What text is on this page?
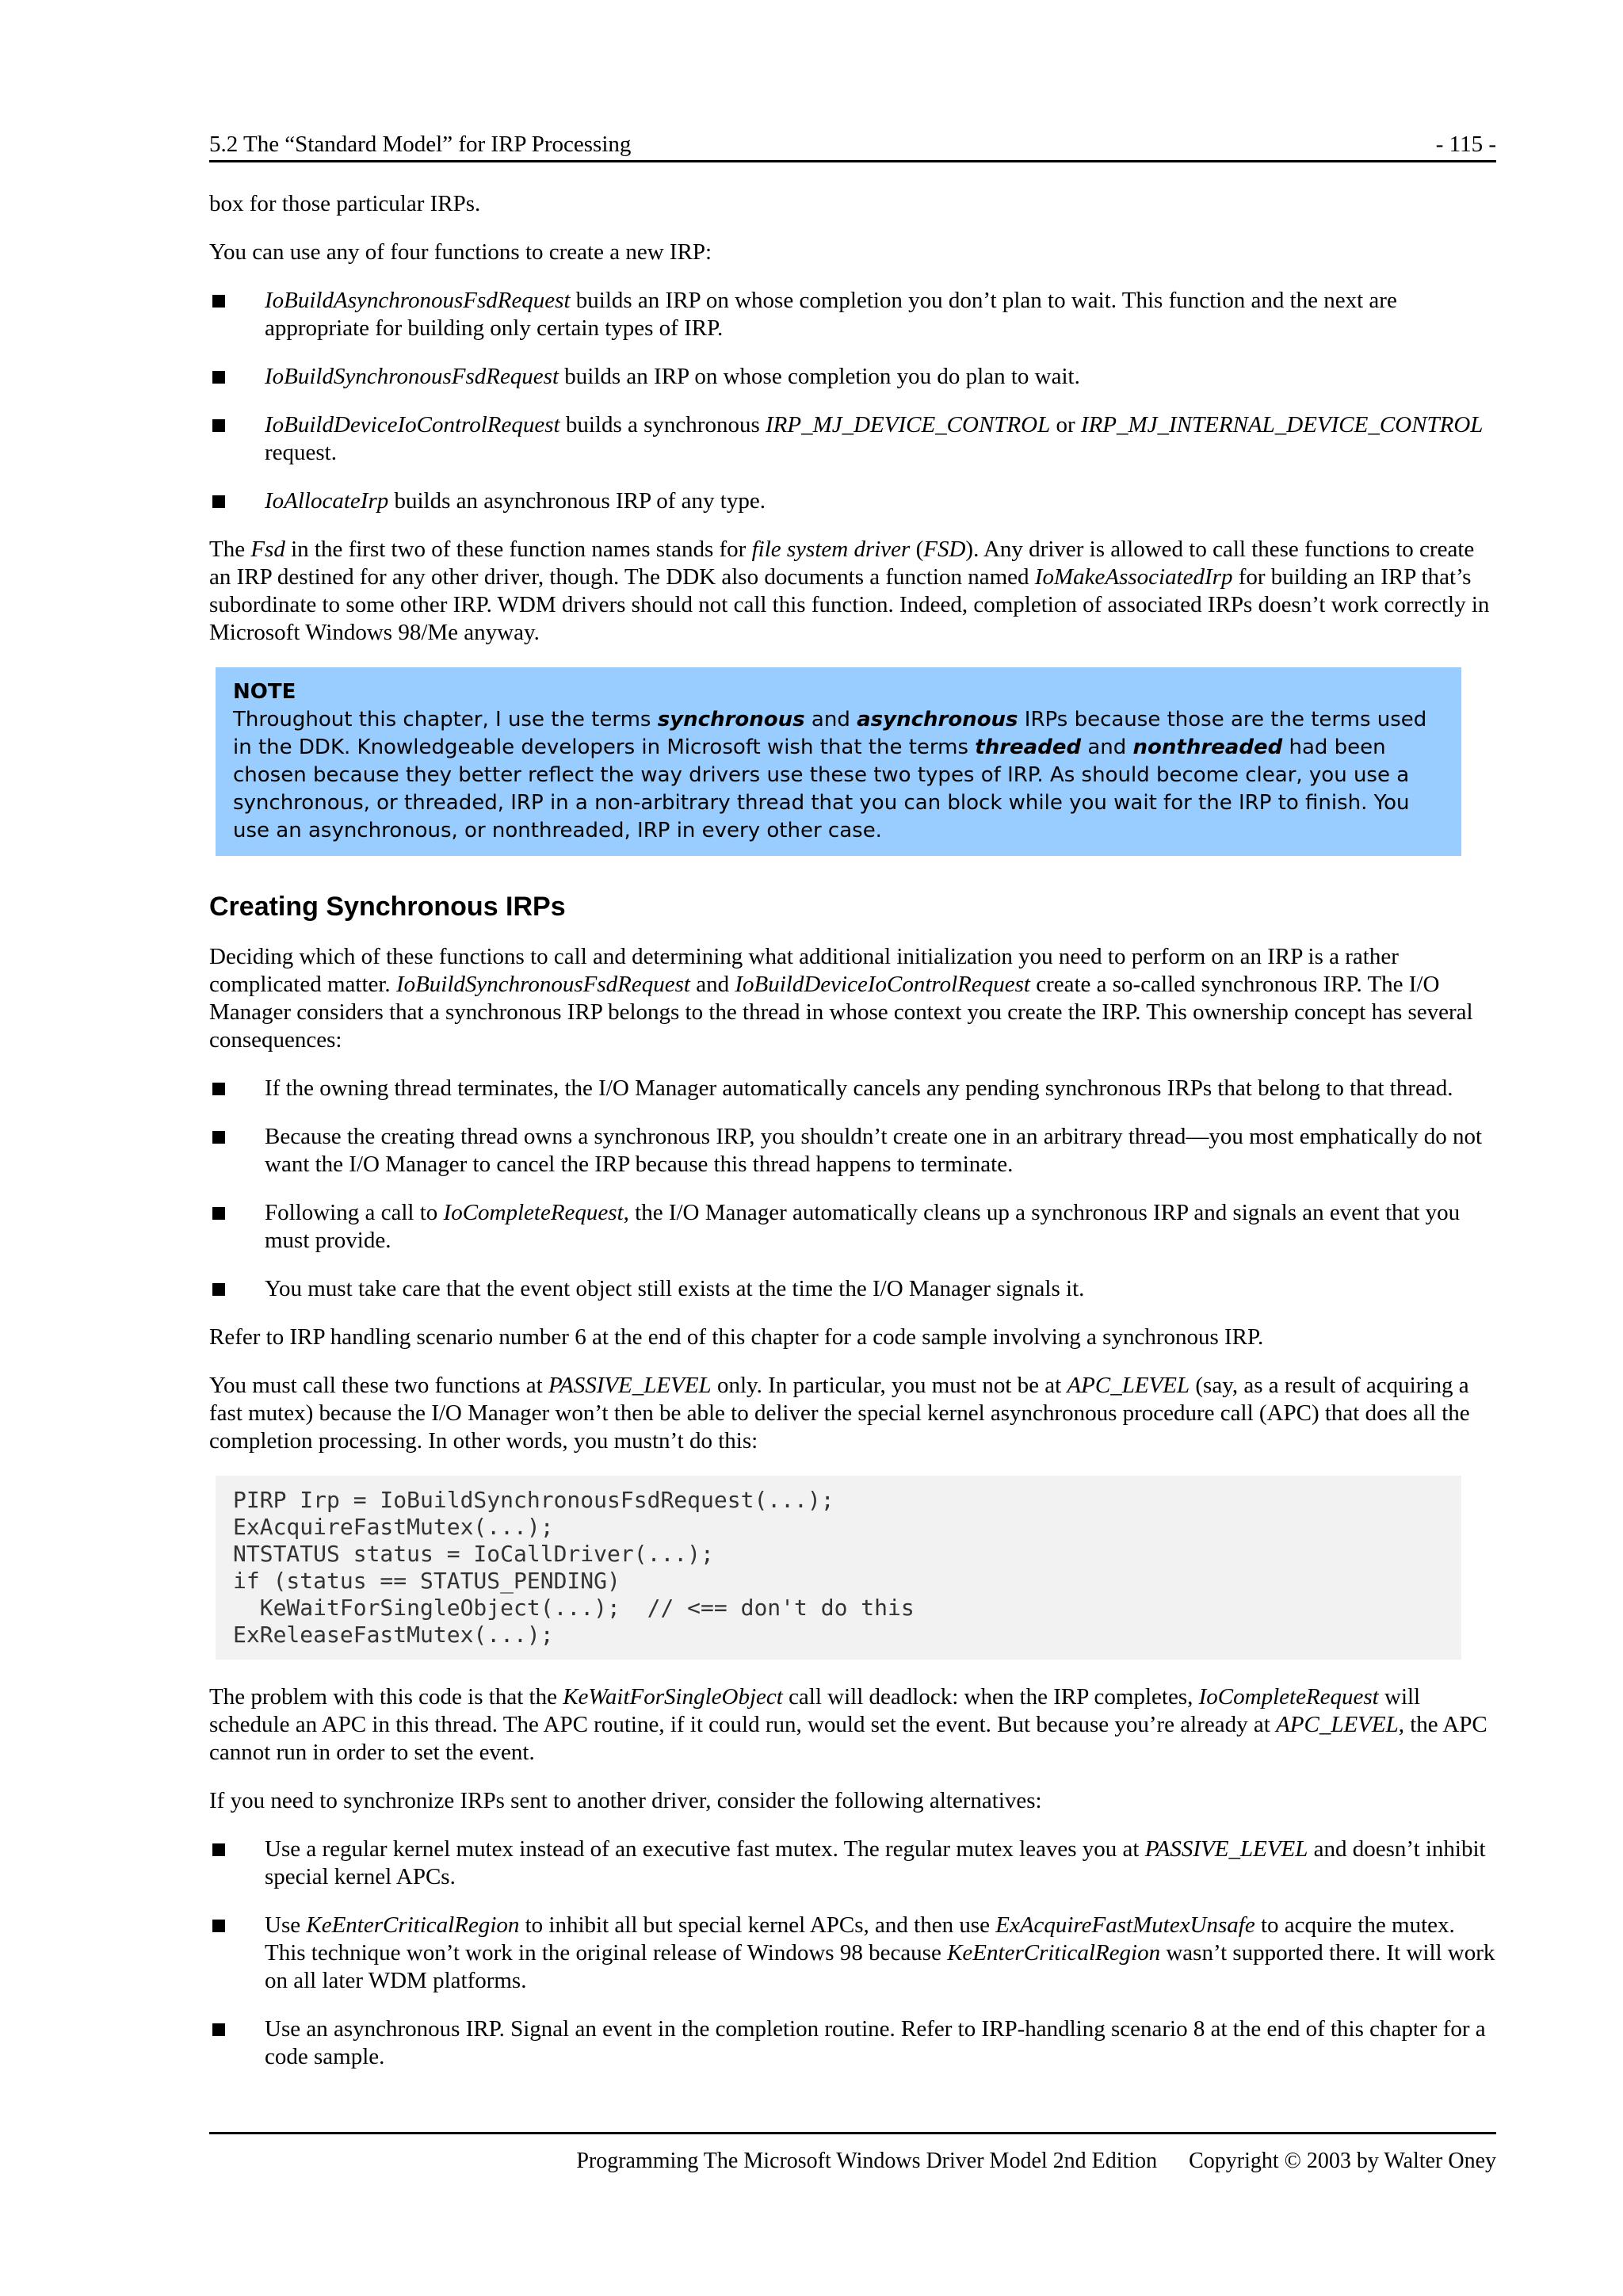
5.2 The “Standard Model” for IRP Processing	- 115 -

box for those particular IRPs.

You can use any of four functions to create a new IRP:

IoBuildAsynchronousFsdRequest builds an IRP on whose completion you don’t plan to wait. This function and the next are appropriate for building only certain types of IRP.
IoBuildSynchronousFsdRequest builds an IRP on whose completion you do plan to wait.
IoBuildDeviceIoControlRequest builds a synchronous IRP_MJ_DEVICE_CONTROL or IRP_MJ_INTERNAL_DEVICE_CONTROL request.
IoAllocateIrp builds an asynchronous IRP of any type.

The Fsd in the first two of these function names stands for file system driver (FSD). Any driver is allowed to call these functions to create an IRP destined for any other driver, though. The DDK also documents a function named IoMakeAssociatedIrp for building an IRP that’s subordinate to some other IRP. WDM drivers should not call this function. Indeed, completion of associated IRPs doesn’t work correctly in Microsoft Windows 98/Me anyway.

NOTE
Throughout this chapter, I use the terms synchronous and asynchronous IRPs because those are the terms used in the DDK. Knowledgeable developers in Microsoft wish that the terms threaded and nonthreaded had been chosen because they better reflect the way drivers use these two types of IRP. As should become clear, you use a synchronous, or threaded, IRP in a non-arbitrary thread that you can block while you wait for the IRP to finish. You use an asynchronous, or nonthreaded, IRP in every other case.
Creating Synchronous IRPs

Deciding which of these functions to call and determining what additional initialization you need to perform on an IRP is a rather complicated matter. IoBuildSynchronousFsdRequest and IoBuildDeviceIoControlRequest create a so-called synchronous IRP. The I/O Manager considers that a synchronous IRP belongs to the thread in whose context you create the IRP. This ownership concept has several consequences:

If the owning thread terminates, the I/O Manager automatically cancels any pending synchronous IRPs that belong to that thread.
Because the creating thread owns a synchronous IRP, you shouldn’t create one in an arbitrary thread—you most emphatically do not want the I/O Manager to cancel the IRP because this thread happens to terminate.
Following a call to IoCompleteRequest, the I/O Manager automatically cleans up a synchronous IRP and signals an event that you must provide.
You must take care that the event object still exists at the time the I/O Manager signals it.

Refer to IRP handling scenario number 6 at the end of this chapter for a code sample involving a synchronous IRP.

You must call these two functions at PASSIVE_LEVEL only. In particular, you must not be at APC_LEVEL (say, as a result of acquiring a fast mutex) because the I/O Manager won’t then be able to deliver the special kernel asynchronous procedure call (APC) that does all the completion processing. In other words, you mustn’t do this:

PIRP Irp = IoBuildSynchronousFsdRequest(...);
ExAcquireFastMutex(...);
NTSTATUS status = IoCallDriver(...);
if (status == STATUS_PENDING)
KeWaitForSingleObject(...);  // <== don't do this
ExReleaseFastMutex(...);

The problem with this code is that the KeWaitForSingleObject call will deadlock: when the IRP completes, IoCompleteRequest will schedule an APC in this thread. The APC routine, if it could run, would set the event. But because you’re already at APC_LEVEL, the APC cannot run in order to set the event.

If you need to synchronize IRPs sent to another driver, consider the following alternatives:

Use a regular kernel mutex instead of an executive fast mutex. The regular mutex leaves you at PASSIVE_LEVEL and doesn’t inhibit special kernel APCs.
Use KeEnterCriticalRegion to inhibit all but special kernel APCs, and then use ExAcquireFastMutexUnsafe to acquire the mutex. This technique won’t work in the original release of Windows 98 because KeEnterCriticalRegion wasn’t supported there. It will work on all later WDM platforms.
Use an asynchronous IRP. Signal an event in the completion routine. Refer to IRP-handling scenario 8 at the end of this chapter for a code sample.
Programming The Microsoft Windows Driver Model 2nd Edition Copyright © 2003 by Walter Oney
